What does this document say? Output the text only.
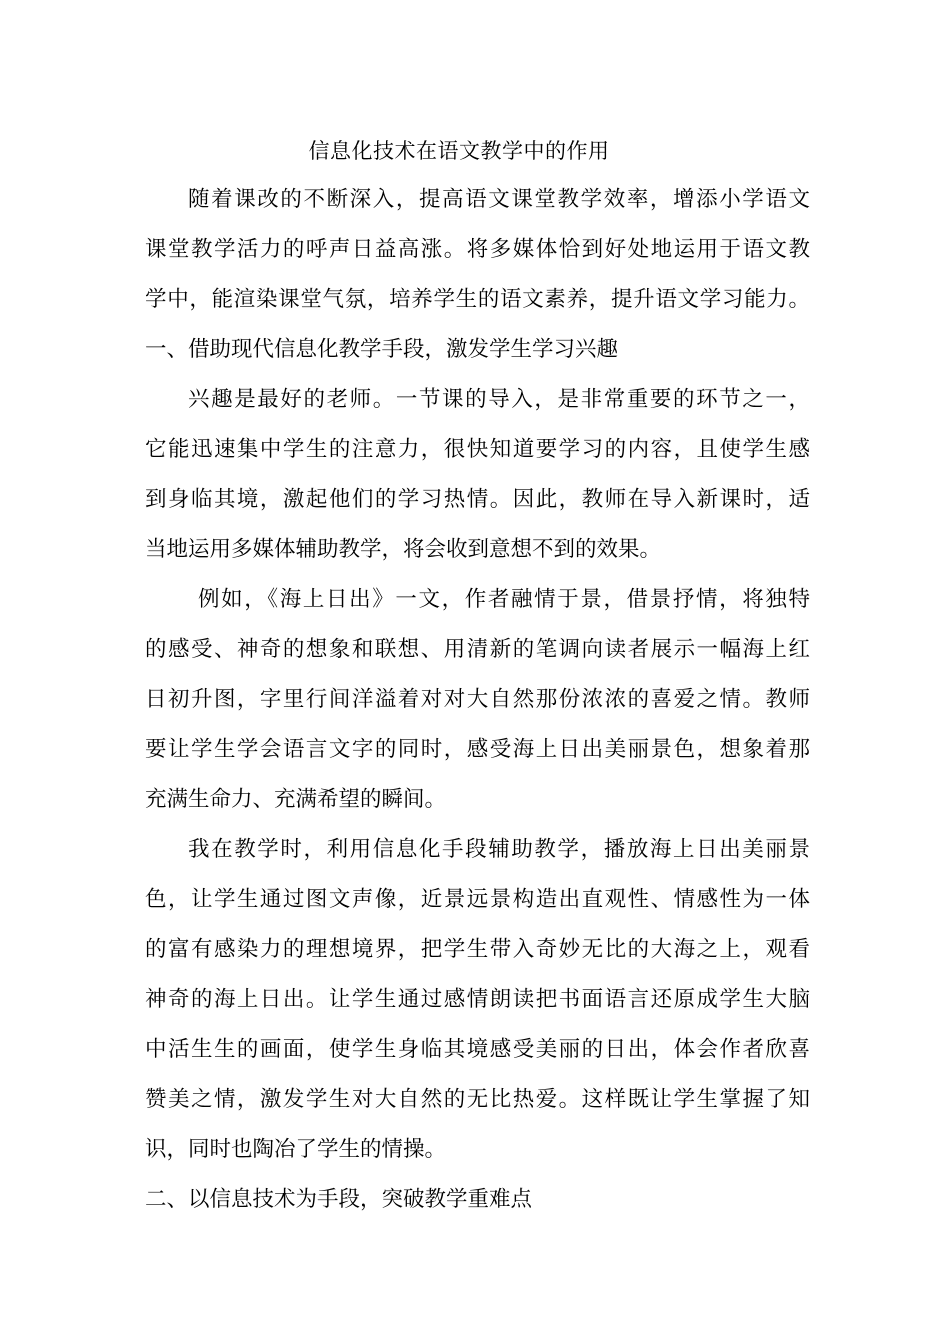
信息化技术在语文教学中的作用
随着课改的不断深入，提高语文课堂教学效率，增添小学语文
课堂教学活力的呼声日益高涨。将多媒体恰到好处地运用于语文教
学中，能渲染课堂气氛，培养学生的语文素养，提升语文学习能力。
一、借助现代信息化教学手段，激发学生学习兴趣
兴趣是最好的老师。一节课的导入，是非常重要的环节之一，
它能迅速集中学生的注意力，很快知道要学习的内容，且使学生感
到身临其境，激起他们的学习热情。因此，教师在导入新课时，适
当地运用多媒体辅助教学，将会收到意想不到的效果。
例如，《海上日出》一文，作者融情于景，借景抒情，将独特
的感受、神奇的想象和联想、用清新的笔调向读者展示一幅海上红
日初升图，字里行间洋溢着对对大自然那份浓浓的喜爱之情。教师
要让学生学会语言文字的同时，感受海上日出美丽景色，想象着那
充满生命力、充满希望的瞬间。
我在教学时，利用信息化手段辅助教学，播放海上日出美丽景
色，让学生通过图文声像，近景远景构造出直观性、情感性为一体
的富有感染力的理想境界，把学生带入奇妙无比的大海之上，观看
神奇的海上日出。让学生通过感情朗读把书面语言还原成学生大脑
中活生生的画面，使学生身临其境感受美丽的日出，体会作者欣喜
赞美之情，激发学生对大自然的无比热爱。这样既让学生掌握了知
识，同时也陶冶了学生的情操。
二、以信息技术为手段，突破教学重难点
